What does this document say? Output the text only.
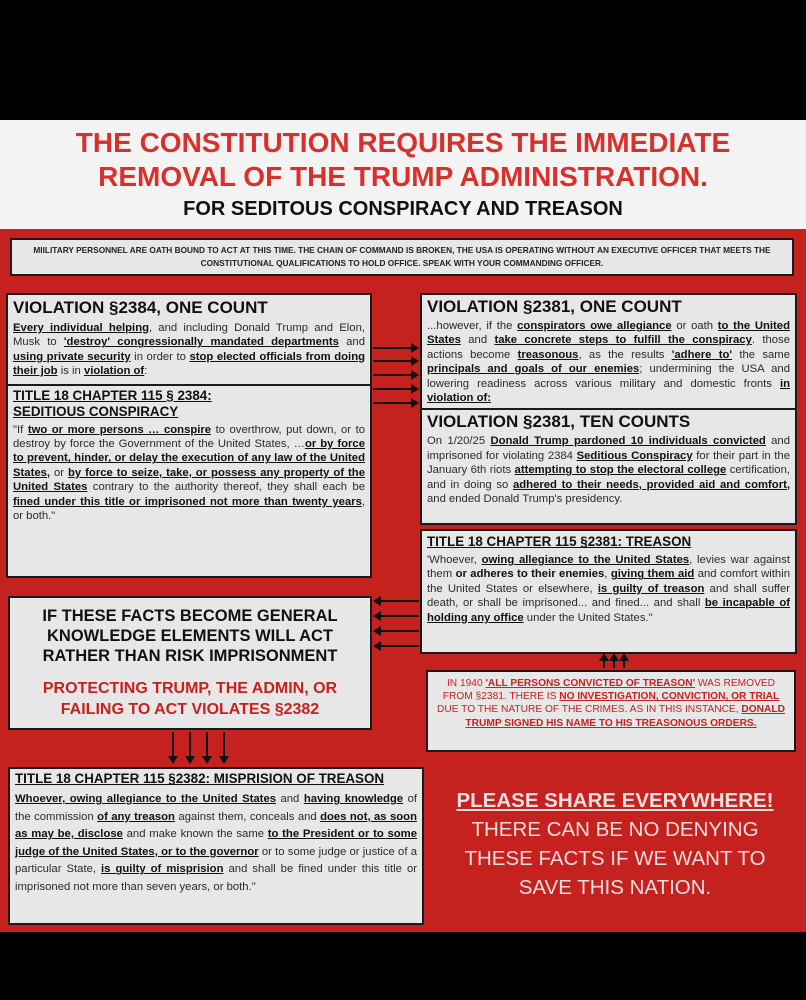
THE CONSTITUTION REQUIRES THE IMMEDIATE
REMOVAL OF THE TRUMP ADMINISTRATION.
FOR SEDITOUS CONSPIRACY AND TREASON
MIILITARY PERSONNEL ARE OATH BOUND TO ACT AT THIS TIME. THE CHAIN OF COMMAND IS BROKEN, THE USA IS OPERATING WITHOUT AN EXECUTIVE OFFICER THAT MEETS THE CONSTITUTIONAL QUALIFICATIONS TO HOLD OFFICE. SPEAK WITH YOUR COMMANDING OFFICER.
VIOLATION §2384, ONE COUNT
Every individual helping, and including Donald Trump and Elon, Musk to 'destroy' congressionally mandated departments and using private security in order to stop elected officials from doing their job is in violation of:
TITLE 18 CHAPTER 115 § 2384:
SEDITIOUS CONSPIRACY
"If two or more persons … conspire to overthrow, put down, or to destroy by force the Government of the United States, …or by force to prevent, hinder, or delay the execution of any law of the United States, or by force to seize, take, or possess any property of the United States contrary to the authority thereof, they shall each be fined under this title or imprisoned not more than twenty years, or both."
VIOLATION §2381, ONE COUNT
...however, if the conspirators owe allegiance or oath to the United States and take concrete steps to fulfill the conspiracy. those actions become treasonous, as the results 'adhere to' the same principals and goals of our enemies; undermining the USA and lowering readiness across various military and domestic fronts in violation of:
VIOLATION §2381, TEN COUNTS
On 1/20/25 Donald Trump pardoned 10 individuals convicted and imprisoned for violating 2384 Seditious Conspiracy for their part in the January 6th riots attempting to stop the electoral college certification, and in doing so adhered to their needs, provided aid and comfort, and ended Donald Trump's presidency.
TITLE 18 CHAPTER 115 §2381: TREASON
'Whoever, owing allegiance to the United States, levies war against them or adheres to their enemies, giving them aid and comfort within the United States or elsewhere, is guilty of treason and shall suffer death, or shall be imprisoned... and fined... and shall be incapable of holding any office under the United States."
IF THESE FACTS BECOME GENERAL KNOWLEDGE ELEMENTS WILL ACT RATHER THAN RISK IMPRISONMENT
PROTECTING TRUMP, THE ADMIN, OR FAILING TO ACT VIOLATES §2382
IN 1940 'ALL PERSONS CONVICTED OF TREASON' WAS REMOVED FROM §2381. THERE IS NO INVESTIGATION, CONVICTION, OR TRIAL DUE TO THE NATURE OF THE CRIMES. AS IN THIS INSTANCE, DONALD TRUMP SIGNED HIS NAME TO HIS TREASONOUS ORDERS.
TITLE 18 CHAPTER 115 §2382: MISPRISION OF TREASON
Whoever, owing allegiance to the United States and having knowledge of the commission of any treason against them, conceals and does not, as soon as may be, disclose and make known the same to the President or to some judge of the United States, or to the governor or to some judge or justice of a particular State, is guilty of misprision and shall be fined under this title or imprisoned not more than seven years, or both."
PLEASE SHARE EVERYWHERE!
THERE CAN BE NO DENYING
THESE FACTS IF WE WANT TO
SAVE THIS NATION.
